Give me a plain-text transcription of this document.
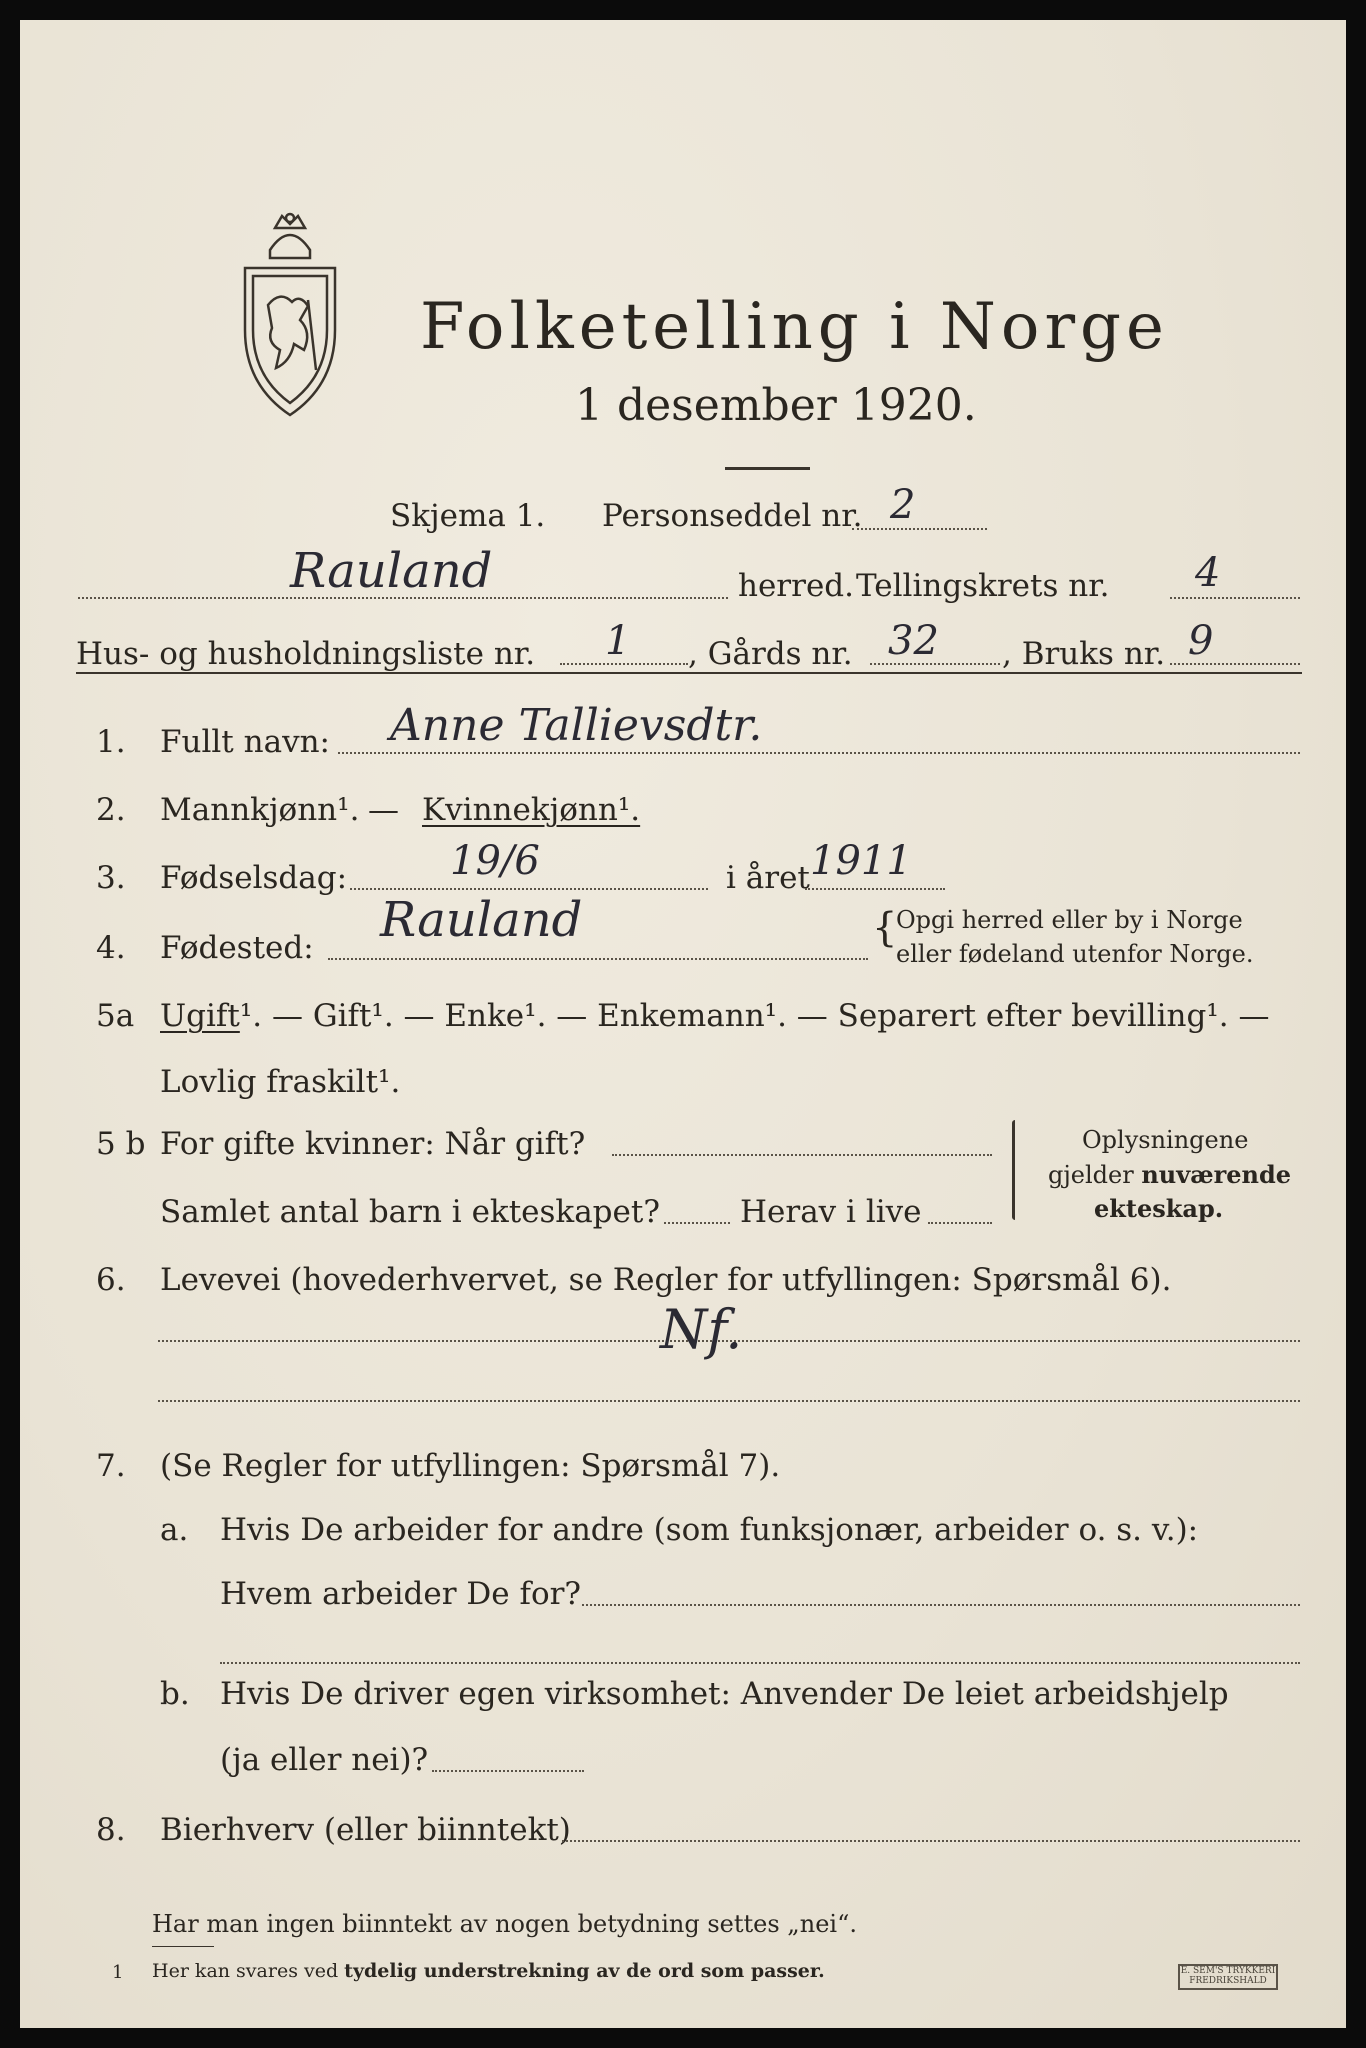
Folketelling i Norge
1 desember 1920.
Skjema 1. Personseddel nr. 2
Rauland	herred. Tellingskrets nr. 4
Hus- og husholdningsliste nr. 1 , Gårds nr. 32 , Bruks nr. 9
1. Fullt navn: Anne Tallievsdtr.
2. Mannkjønn¹. — Kvinnekjønn¹.
3. Fødselsdag:	19/6	i året 1911
4. Fødested: Rauland	{
Opgi herred eller by i Norge
eller fødeland utenfor Norge.
5a Ugift¹. — Gift¹. — Enke¹. — Enkemann¹. — Separert efter bevilling¹. —
Lovlig fraskilt¹.
5 b For gifte kvinner: Når gift?
Samlet antal barn i ekteskapet?	Herav i live
Oplysningene
gjelder nuværende
ekteskap.
6. Levevei (hovederhvervet, se Regler for utfyllingen: Spørsmål 6).
Nf.
7. (Se Regler for utfyllingen: Spørsmål 7).
a. Hvis De arbeider for andre (som funksjonær, arbeider o. s. v.):
Hvem arbeider De for?
b. Hvis De driver egen virksomhet: Anvender De leiet arbeidshjelp
(ja eller nei)?
8. Bierhverv (eller biinntekt)
Har man ingen biinntekt av nogen betydning settes „nei“.
1 Her kan svares ved tydelig understrekning av de ord som passer.	E. SEM'S TRYKKERI FREDRIKSHALD
